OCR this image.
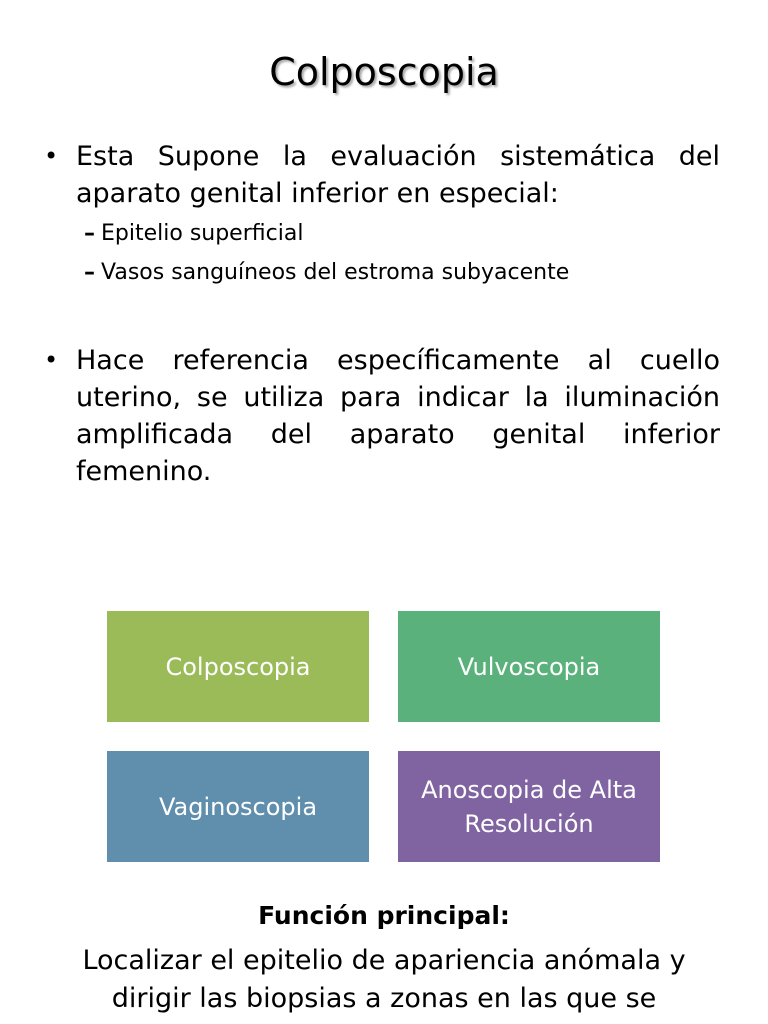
Colposcopia
• Esta Supone la evaluación sistemática del aparato genital inferior en especial:
– Epitelio superficial
– Vasos sanguíneos del estroma subyacente
• Hace referencia específicamente al cuello uterino, se utiliza para indicar la iluminación amplificada del aparato genital inferior femenino.
Colposcopia	Vulvoscopia
Vaginoscopia
Anoscopia de Alta Resolución
Función principal:
Localizar el epitelio de apariencia anómala y dirigir las biopsias a zonas en las que se
